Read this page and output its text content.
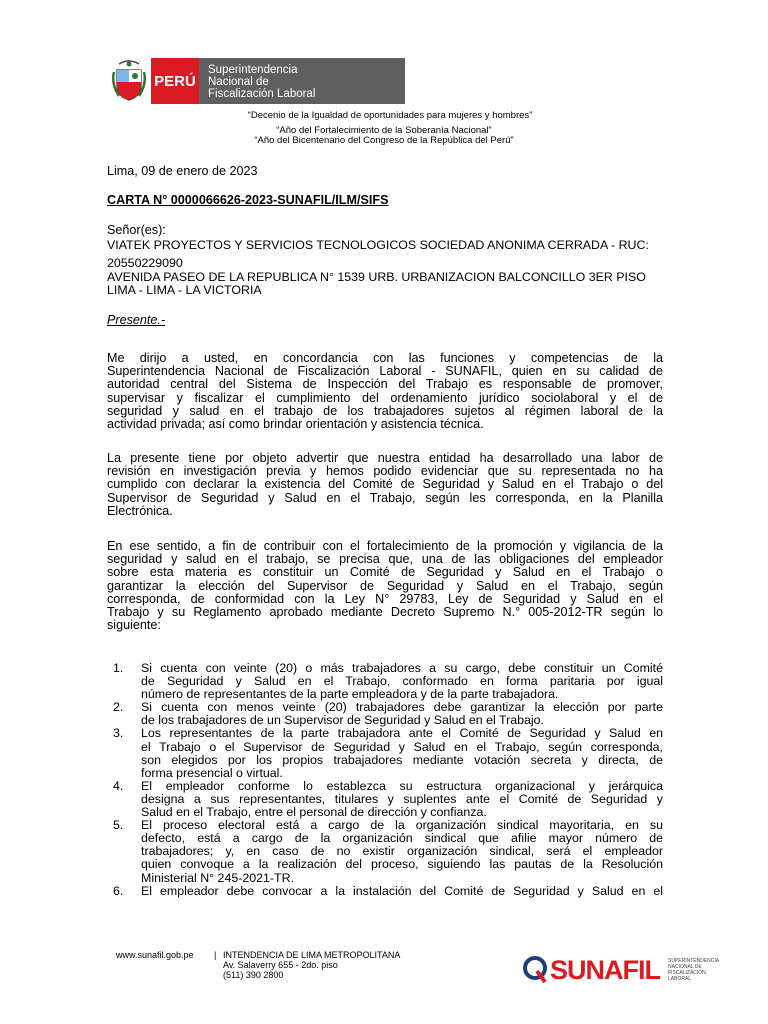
PERÚ
Superintendencia
Nacional de
Fiscalización Laboral
“Decenio de la Igualdad de oportunidades para mujeres y hombres”
“Año del Fortalecimiento de la Soberanía Nacional”
“Año del Bicentenario del Congreso de la República del Perú”
Lima, 09 de enero de 2023
CARTA N° 0000066626-2023-SUNAFIL/ILM/SIFS
Señor(es):
VIATEK PROYECTOS Y SERVICIOS TECNOLOGICOS SOCIEDAD ANONIMA CERRADA - RUC:
20550229090
AVENIDA PASEO DE LA REPUBLICA N° 1539 URB. URBANIZACION BALCONCILLO 3ER PISO
LIMA - LIMA - LA VICTORIA
Presente.-
Me dirijo a usted, en concordancia con las funciones y competencias de la
Superintendencia Nacional de Fiscalización Laboral - SUNAFIL, quien en su calidad de
autoridad central del Sistema de Inspección del Trabajo es responsable de promover,
supervisar y fiscalizar el cumplimiento del ordenamiento jurídico sociolaboral y el de
seguridad y salud en el trabajo de los trabajadores sujetos al régimen laboral de la
actividad privada; así como brindar orientación y asistencia técnica.
La presente tiene por objeto advertir que nuestra entidad ha desarrollado una labor de
revisión en investigación previa y hemos podido evidenciar que su representada no ha
cumplido con declarar la existencia del Comité de Seguridad y Salud en el Trabajo o del
Supervisor de Seguridad y Salud en el Trabajo, según les corresponda, en la Planilla
Electrónica.
En ese sentido, a fin de contribuir con el fortalecimiento de la promoción y vigilancia de la
seguridad y salud en el trabajo, se precisa que, una de las obligaciones del empleador
sobre esta materia es constituir un Comité de Seguridad y Salud en el Trabajo o
garantizar la elección del Supervisor de Seguridad y Salud en el Trabajo, según
corresponda, de conformidad con la Ley N° 29783, Ley de Seguridad y Salud en el
Trabajo y su Reglamento aprobado mediante Decreto Supremo N.° 005-2012-TR según lo
siguiente:
1. Si cuenta con veinte (20) o más trabajadores a su cargo, debe constituir un Comité
de Seguridad y Salud en el Trabajo, conformado en forma paritaria por igual
número de representantes de la parte empleadora y de la parte trabajadora.
2. Si cuenta con menos veinte (20) trabajadores debe garantizar la elección por parte
de los trabajadores de un Supervisor de Seguridad y Salud en el Trabajo.
3. Los representantes de la parte trabajadora ante el Comité de Seguridad y Salud en
el Trabajo o el Supervisor de Seguridad y Salud en el Trabajo, según corresponda,
son elegidos por los propios trabajadores mediante votación secreta y directa, de
forma presencial o virtual.
4. El empleador conforme lo establezca su estructura organizacional y jerárquica
designa a sus representantes, titulares y suplentes ante el Comité de Seguridad y
Salud en el Trabajo, entre el personal de dirección y confianza.
5. El proceso electoral está a cargo de la organización sindical mayoritaria, en su
defecto, está a cargo de la organización sindical que afilie mayor número de
trabajadores; y, en caso de no existir organización sindical, será el empleador
quien convoque a la realización del proceso, siguiendo las pautas de la Resolución
Ministerial N° 245-2021-TR.
6. El empleador debe convocar a la instalación del Comité de Seguridad y Salud en el
www.sunafil.gob.pe | INTENDENCIA DE LIMA METROPOLITANA
Av. Salaverry 655 - 2do. piso
(511) 390 2800	SUNAFIL SUPERINTENDENCIA
NACIONAL DE
FISCALIZACIÓN
LABORAL
